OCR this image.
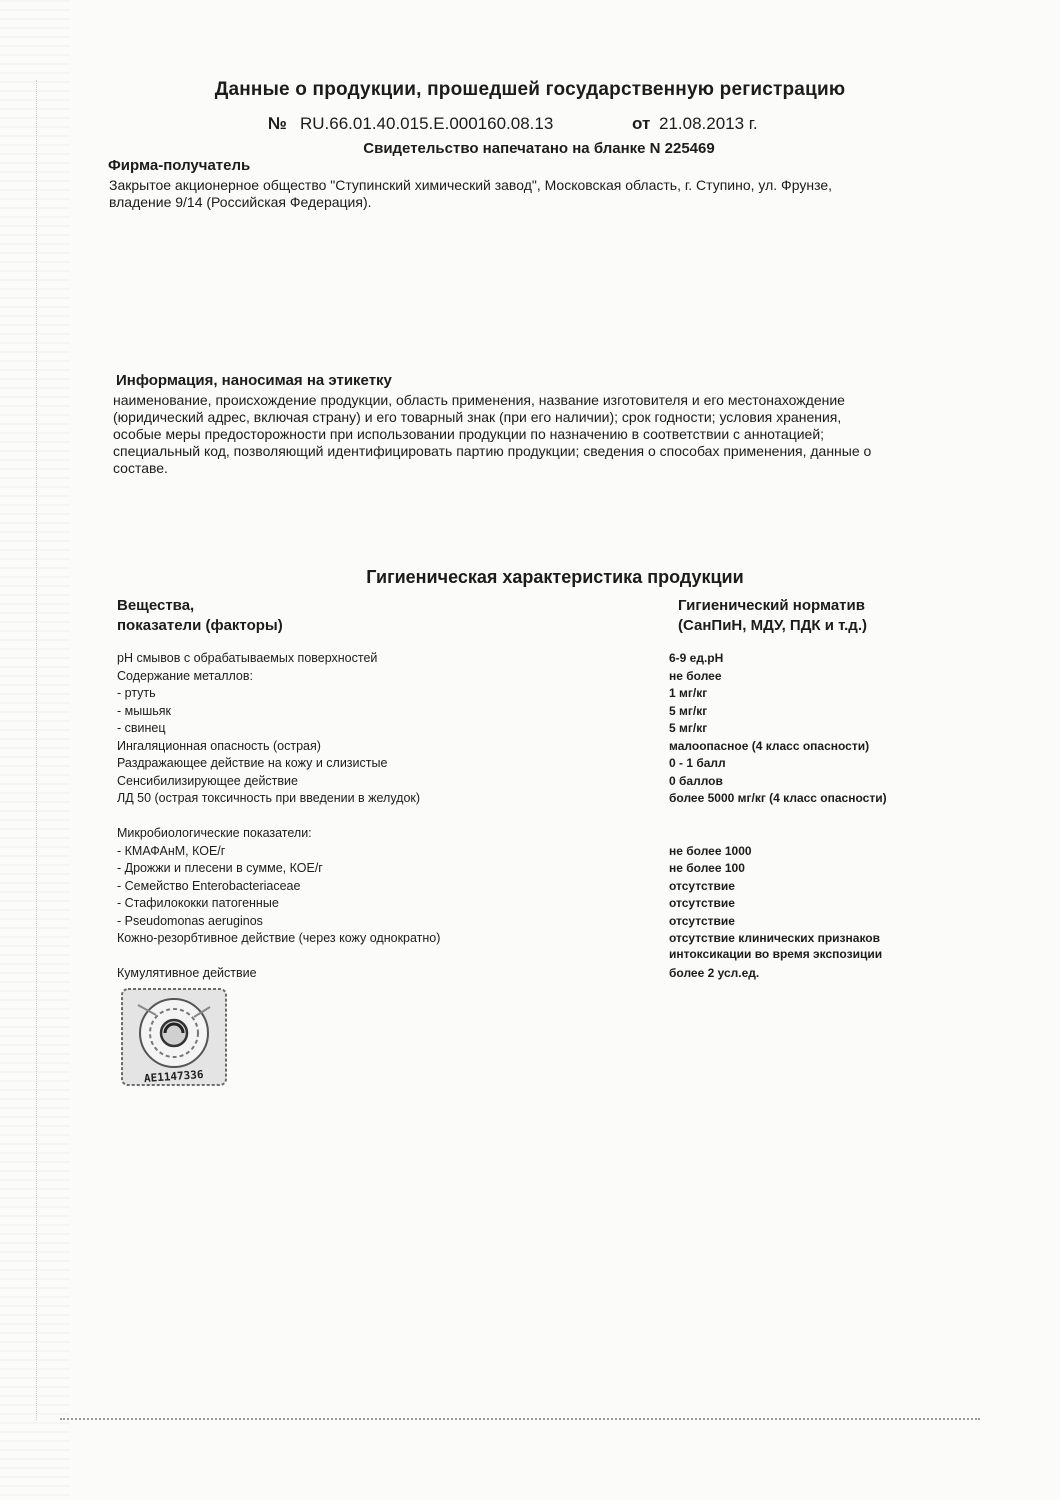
Данные о продукции, прошедшей государственную регистрацию
№ RU.66.01.40.015.E.000160.08.13	от 21.08.2013 г.
Свидетельство напечатано на бланке N 225469
Фирма-получатель
Закрытое акционерное общество "Ступинский химический завод", Московская область, г. Ступино, ул. Фрунзе, владение 9/14 (Российская Федерация).
Информация, наносимая на этикетку
наименование, происхождение продукции, область применения, название изготовителя и его местонахождение (юридический адрес, включая страну) и его товарный знак (при его наличии); срок годности; условия хранения, особые меры предосторожности при использовании продукции по назначению в соответствии с аннотацией; специальный код, позволяющий идентифицировать партию продукции; сведения о способах применения, данные о составе.
Гигиеническая характеристика продукции
Вещества,
показатели (факторы)
Гигиенический норматив
(СанПиН, МДУ, ПДК и т.д.)
рН смывов с обрабатываемых поверхностей	6-9 ед.рН
Содержание металлов:	не более
- ртуть	1 мг/кг
- мышьяк	5 мг/кг
- свинец	5 мг/кг
Ингаляционная опасность (острая)	малоопасное (4 класс опасности)
Раздражающее действие на кожу и слизистые	0 - 1 балл
Сенсибилизирующее действие	0 баллов
ЛД 50 (острая токсичность при введении в желудок)	более 5000 мг/кг (4 класс опасности)
Микробиологические показатели:
- КМАФАнМ, КОЕ/г	не более 1000
- Дрожжи и плесени в сумме, КОЕ/г	не более 100
- Семейство Enterobacteriaceae	отсутствие
- Стафилококки патогенные	отсутствие
- Pseudomonas aeruginos	отсутствие
Кожно-резорбтивное действие (через кожу однократно)	отсутствие клинических признаков интоксикации во время экспозиции
Кумулятивное действие	более 2 усл.ед.
АЕ1147336
